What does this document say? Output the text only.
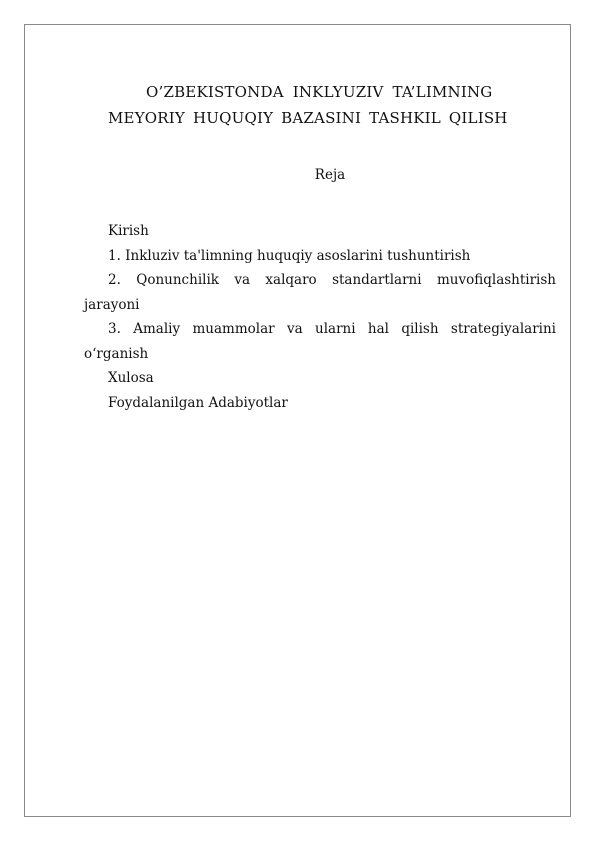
O’ZBEKISTONDA INKLYUZIV TA’LIMNING
MEYORIY HUQUQIY BAZASINI TASHKIL QILISH
Reja

Kirish

1. Inkluziv ta'limning huquqiy asoslarini tushuntirish

2. Qonunchilik va xalqaro standartlarni muvofiqlashtirish

jarayoni

3. Amaliy muammolar va ularni hal qilish strategiyalarini

o‘rganish

Xulosa

Foydalanilgan Adabiyotlar
